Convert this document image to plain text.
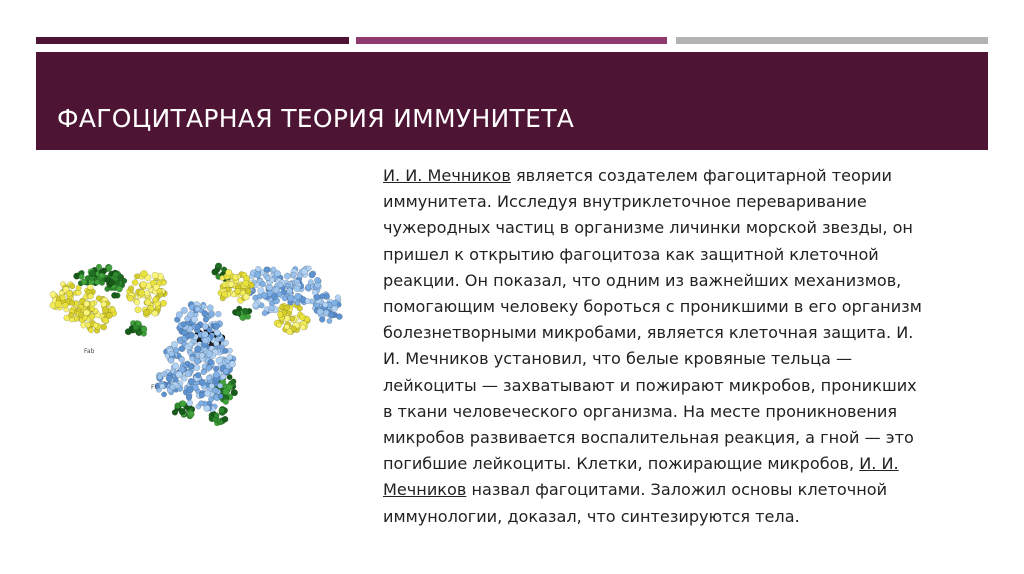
ФАГОЦИТАРНАЯ ТЕОРИЯ ИММУНИТЕТА
Fab
Fc

И. И. Мечников является создателем фагоцитарной теории
иммунитета. Исследуя внутриклеточное переваривание
чужеродных частиц в организме личинки морской звезды, он
пришел к открытию фагоцитоза как защитной клеточной
реакции. Он показал, что одним из важнейших механизмов,
помогающим человеку бороться с проникшими в его организм
болезнетворными микробами, является клеточная защита. И.
И. Мечников установил, что белые кровяные тельца —
лейкоциты — захватывают и пожирают микробов, проникших
в ткани человеческого организма. На месте проникновения
микробов развивается воспалительная реакция, а гной — это
погибшие лейкоциты. Клетки, пожирающие микробов, И. И.
Мечников назвал фагоцитами. Заложил основы клеточной
иммунологии, доказал, что синтезируются тела.
